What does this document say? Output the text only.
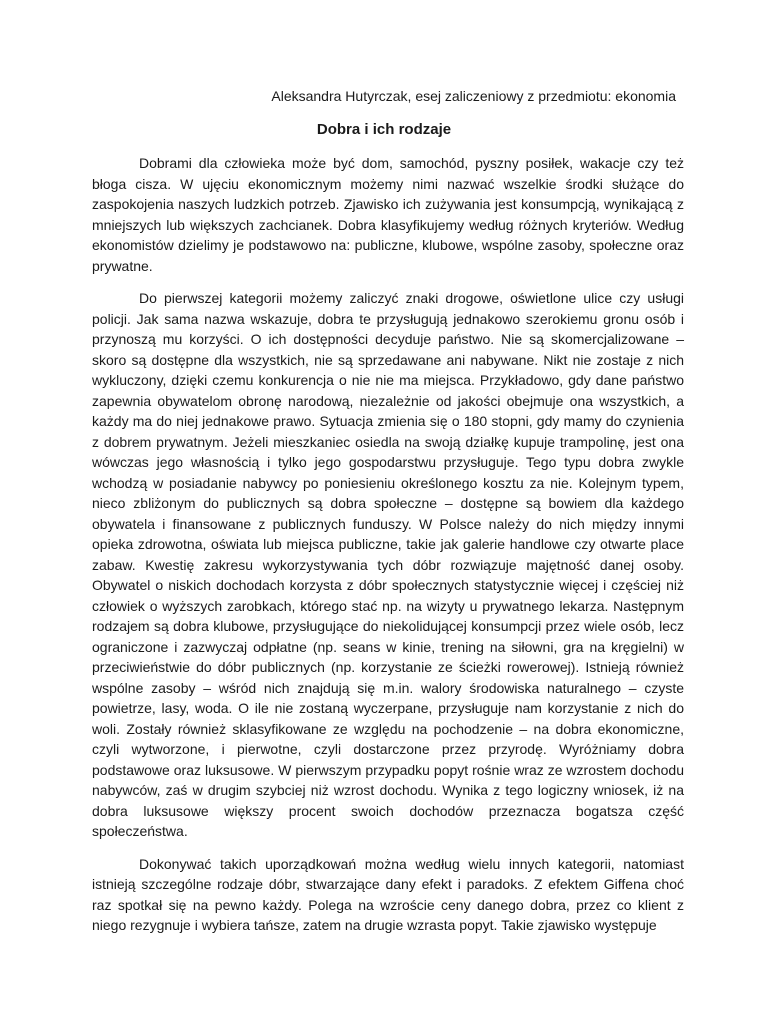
Aleksandra Hutyrczak, esej zaliczeniowy z przedmiotu: ekonomia
Dobra i ich rodzaje

Dobrami dla człowieka może być dom, samochód, pyszny posiłek, wakacje czy też błoga cisza. W ujęciu ekonomicznym możemy nimi nazwać wszelkie środki służące do zaspokojenia naszych ludzkich potrzeb. Zjawisko ich zużywania jest konsumpcją, wynikającą z mniejszych lub większych zachcianek. Dobra klasyfikujemy według różnych kryteriów. Według ekonomistów dzielimy je podstawowo na: publiczne, klubowe, wspólne zasoby, społeczne oraz prywatne.

Do pierwszej kategorii możemy zaliczyć znaki drogowe, oświetlone ulice czy usługi policji. Jak sama nazwa wskazuje, dobra te przysługują jednakowo szerokiemu gronu osób i przynoszą mu korzyści. O ich dostępności decyduje państwo. Nie są skomercjalizowane – skoro są dostępne dla wszystkich, nie są sprzedawane ani nabywane. Nikt nie zostaje z nich wykluczony, dzięki czemu konkurencja o nie nie ma miejsca. Przykładowo, gdy dane państwo zapewnia obywatelom obronę narodową, niezależnie od jakości obejmuje ona wszystkich, a każdy ma do niej jednakowe prawo. Sytuacja zmienia się o 180 stopni, gdy mamy do czynienia z dobrem prywatnym. Jeżeli mieszkaniec osiedla na swoją działkę kupuje trampolinę, jest ona wówczas jego własnością i tylko jego gospodarstwu przysługuje. Tego typu dobra zwykle wchodzą w posiadanie nabywcy po poniesieniu określonego kosztu za nie. Kolejnym typem, nieco zbliżonym do publicznych są dobra społeczne – dostępne są bowiem dla każdego obywatela i finansowane z publicznych funduszy. W Polsce należy do nich między innymi opieka zdrowotna, oświata lub miejsca publiczne, takie jak galerie handlowe czy otwarte place zabaw. Kwestię zakresu wykorzystywania tych dóbr rozwiązuje majętność danej osoby. Obywatel o niskich dochodach korzysta z dóbr społecznych statystycznie więcej i częściej niż człowiek o wyższych zarobkach, którego stać np. na wizyty u prywatnego lekarza. Następnym rodzajem są dobra klubowe, przysługujące do niekolidującej konsumpcji przez wiele osób, lecz ograniczone i zazwyczaj odpłatne (np. seans w kinie, trening na siłowni, gra na kręgielni) w przeciwieństwie do dóbr publicznych (np. korzystanie ze ścieżki rowerowej). Istnieją również wspólne zasoby – wśród nich znajdują się m.in. walory środowiska naturalnego – czyste powietrze, lasy, woda. O ile nie zostaną wyczerpane, przysługuje nam korzystanie z nich do woli. Zostały również sklasyfikowane ze względu na pochodzenie – na dobra ekonomiczne, czyli wytworzone, i pierwotne, czyli dostarczone przez przyrodę. Wyróżniamy dobra podstawowe oraz luksusowe. W pierwszym przypadku popyt rośnie wraz ze wzrostem dochodu nabywców, zaś w drugim szybciej niż wzrost dochodu. Wynika z tego logiczny wniosek, iż na dobra luksusowe większy procent swoich dochodów przeznacza bogatsza część społeczeństwa.

Dokonywać takich uporządkowań można według wielu innych kategorii, natomiast istnieją szczególne rodzaje dóbr, stwarzające dany efekt i paradoks. Z efektem Giffena choć raz spotkał się na pewno każdy. Polega na wzroście ceny danego dobra, przez co klient z niego rezygnuje i wybiera tańsze, zatem na drugie wzrasta popyt. Takie zjawisko występuje
